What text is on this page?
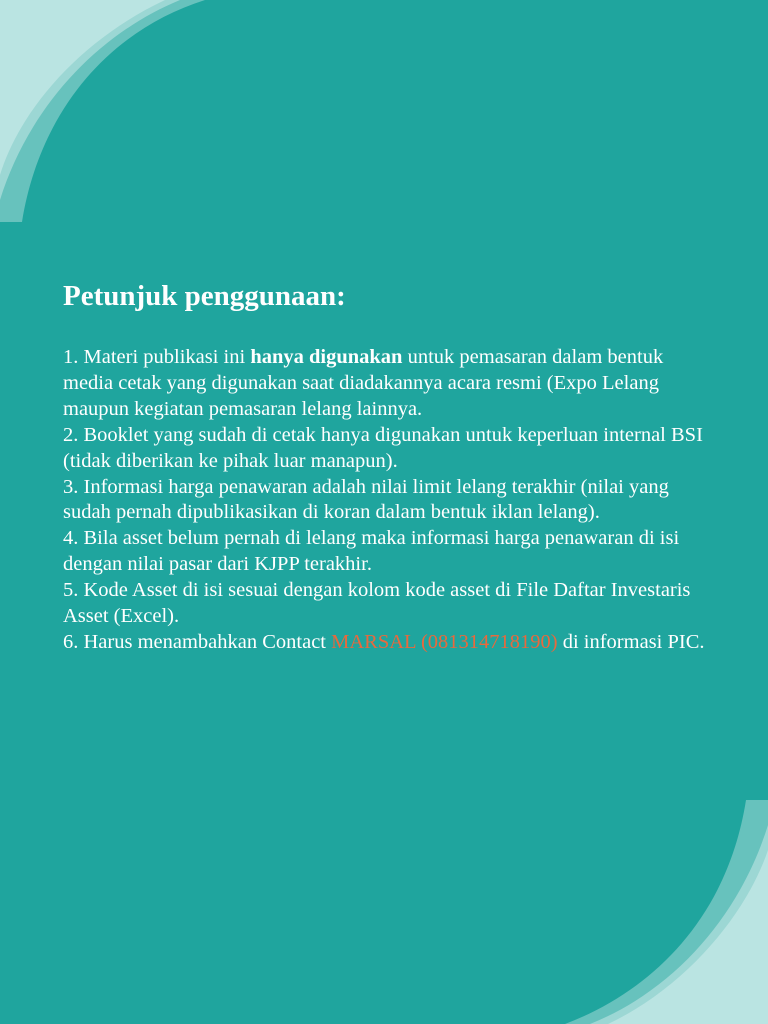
Petunjuk penggunaan:

1. Materi publikasi ini hanya digunakan untuk pemasaran dalam bentuk media cetak yang digunakan saat diadakannya acara resmi (Expo Lelang maupun kegiatan pemasaran lelang lainnya.
2. Booklet yang sudah di cetak hanya digunakan untuk keperluan internal BSI (tidak diberikan ke pihak luar manapun).
3. Informasi harga penawaran adalah nilai limit lelang terakhir (nilai yang sudah pernah dipublikasikan di koran dalam bentuk iklan lelang).
4. Bila asset belum pernah di lelang maka informasi harga penawaran di isi dengan nilai pasar dari KJPP terakhir.
5. Kode Asset di isi sesuai dengan kolom kode asset di File Daftar Investaris Asset (Excel).
6. Harus menambahkan Contact MARSAL (081314718190) di informasi PIC.
